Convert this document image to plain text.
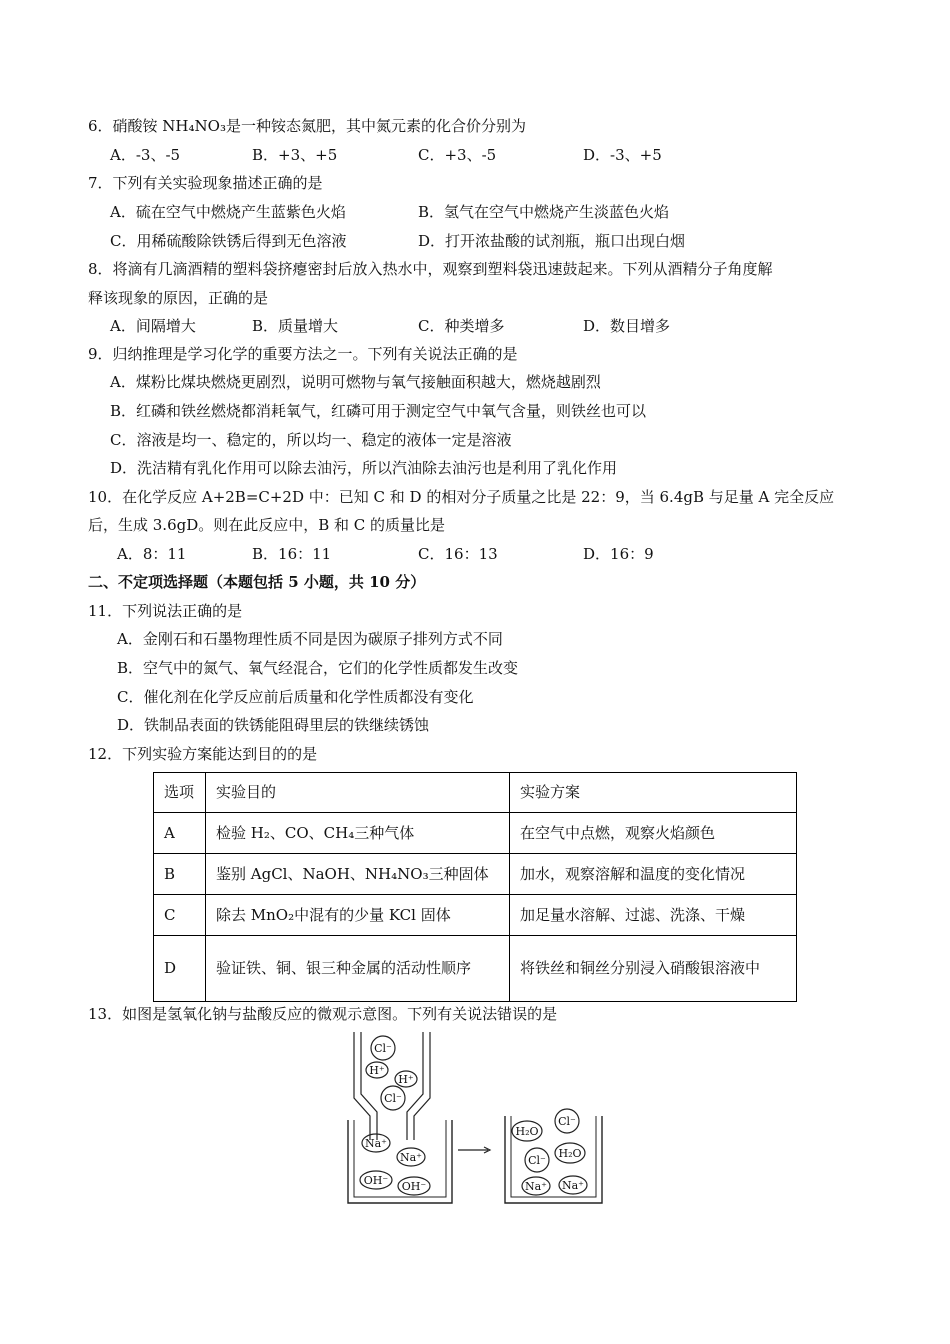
6．硝酸铵 NH₄NO₃是一种铵态氮肥，其中氮元素的化合价分别为
A．-3、-5	B．+3、+5	C．+3、-5	D．-3、+5
7．下列有关实验现象描述正确的是
A．硫在空气中燃烧产生蓝紫色火焰	B．氢气在空气中燃烧产生淡蓝色火焰
C．用稀硫酸除铁锈后得到无色溶液	D．打开浓盐酸的试剂瓶，瓶口出现白烟
8．将滴有几滴酒精的塑料袋挤瘪密封后放入热水中，观察到塑料袋迅速鼓起来。下列从酒精分子角度解
释该现象的原因，正确的是
A．间隔增大	B．质量增大	C．种类增多	D．数目增多
9．归纳推理是学习化学的重要方法之一。下列有关说法正确的是
A．煤粉比煤块燃烧更剧烈，说明可燃物与氧气接触面积越大，燃烧越剧烈
B．红磷和铁丝燃烧都消耗氧气，红磷可用于测定空气中氧气含量，则铁丝也可以
C．溶液是均一、稳定的，所以均一、稳定的液体一定是溶液
D．洗洁精有乳化作用可以除去油污，所以汽油除去油污也是利用了乳化作用
10．在化学反应 A+2B=C+2D 中：已知 C 和 D 的相对分子质量之比是 22：9，当 6.4gB 与足量 A 完全反应
后，生成 3.6gD。则在此反应中，B 和 C 的质量比是
A．8：11	B．16：11	C．16：13	D．16：9
二、不定项选择题（本题包括 5 小题，共 10 分）
11．下列说法正确的是
A．金刚石和石墨物理性质不同是因为碳原子排列方式不同
B．空气中的氮气、氧气经混合，它们的化学性质都发生改变
C．催化剂在化学反应前后质量和化学性质都没有变化
D．铁制品表面的铁锈能阻碍里层的铁继续锈蚀
12．下列实验方案能达到目的的是
选项	实验目的	实验方案
A	检验 H₂、CO、CH₄三种气体	在空气中点燃，观察火焰颜色
B	鉴别 AgCl、NaOH、NH₄NO₃三种固体	加水，观察溶解和温度的变化情况
C	除去 MnO₂中混有的少量 KCl 固体	加足量水溶解、过滤、洗涤、干燥
D	验证铁、铜、银三种金属的活动性顺序	将铁丝和铜丝分别浸入硝酸银溶液中
13．如图是氢氧化钠与盐酸反应的微观示意图。下列有关说法错误的是
Cl⁻
H⁺
H⁺
Cl⁻
Na⁺
Na⁺
OH⁻ OH⁻
H₂O
Cl⁻
H₂O
Cl⁻
Na⁺ Na⁺
